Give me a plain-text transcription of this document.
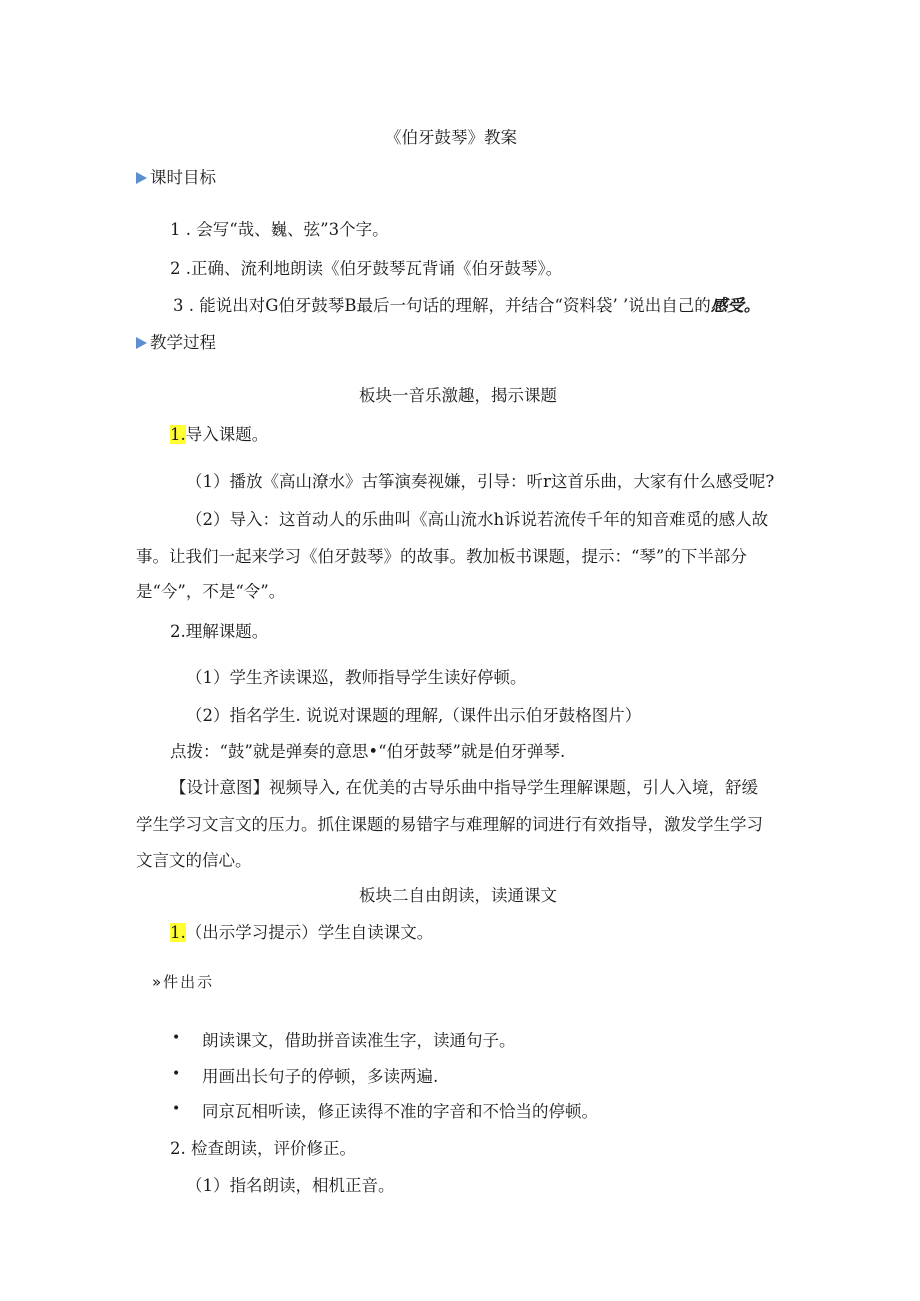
《伯牙鼓琴》教案
课时目标
1 . 会写“哉、巍、弦”3个字。
2 .正确、流利地朗读《伯牙鼓琴瓦背诵《伯牙鼓琴》。
3 . 能说出对G伯牙鼓琴B最后一句话的理解，并结合“资料袋’ ’说出自己的感受。
教学过程
板块一音乐激趣，揭示课题
1.导入课题。
（1）播放《高山潦水》古筝演奏视嫌，引导：听r这首乐曲，大家有什么感受呢?
（2）导入：这首动人的乐曲叫《高山流水h诉说若流传千年的知音难觅的感人故
事。让我们一起来学习《伯牙鼓琴》的故事。教加板书课题，提示：“琴”的下半部分
是“今”，不是“令”。
2.理解课题。
（1）学生齐读课巡，教师指导学生读好停顿。
（2）指名学生. 说说对课题的理解,（课件出示伯牙鼓格图片）
点拨：“鼓”就是弹奏的意思•“伯牙鼓琴”就是伯牙弹琴.
【设计意图】视频导入, 在优美的古导乐曲中指导学生理解课题，引人入境，舒缓
学生学习文言文的压力。抓住课题的易错字与难理解的词进行有效指导，激发学生学习
文言文的信心。
板块二自由朗读，读通课文
1.（出示学习提示）学生自读课文。
»件出示
• 朗读课文，借助拼音读准生字，读通句子。
• 用画出长句子的停顿，多读两遍.
• 同京瓦相听读，修正读得不准的字音和不恰当的停顿。
2. 检查朗读，评价修正。
（1）指名朗读，相机正音。
